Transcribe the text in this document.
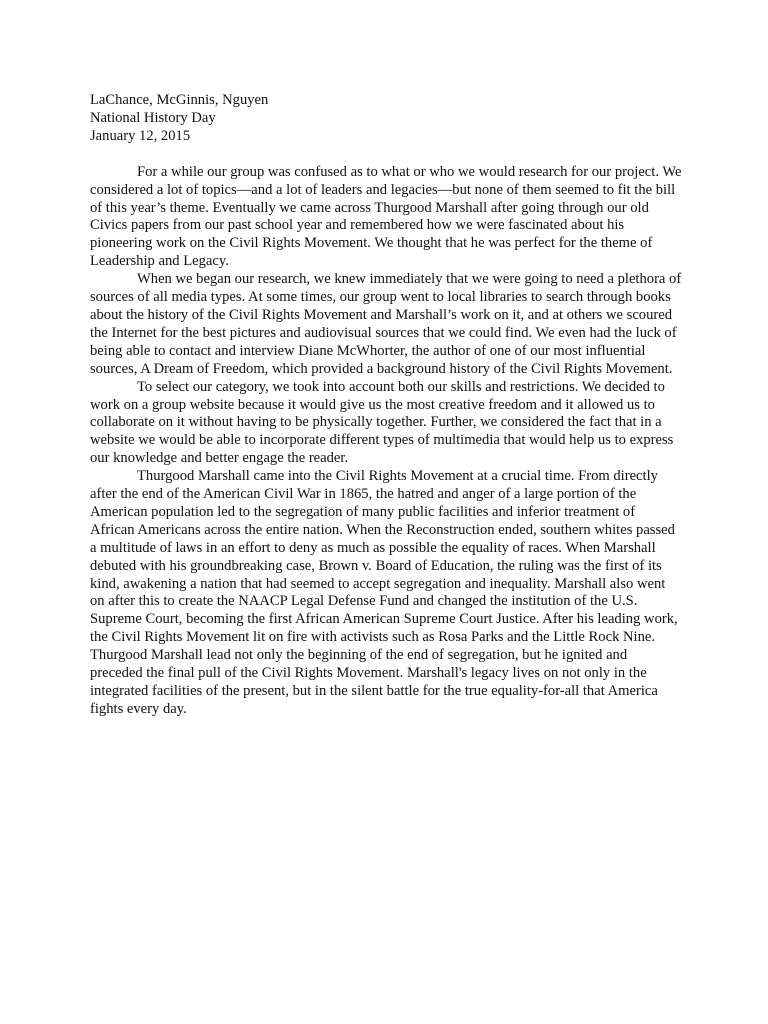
LaChance, McGinnis, Nguyen

National History Day

January 12, 2015

For a while our group was confused as to what or who we would research for our project. We considered a lot of topics—and a lot of leaders and legacies—but none of them seemed to fit the bill of this year’s theme. Eventually we came across Thurgood Marshall after going through our old Civics papers from our past school year and remembered how we were fascinated about his pioneering work on the Civil Rights Movement. We thought that he was perfect for the theme of Leadership and Legacy.

When we began our research, we knew immediately that we were going to need a plethora of sources of all media types. At some times, our group went to local libraries to search through books about the history of the Civil Rights Movement and Marshall’s work on it, and at others we scoured the Internet for the best pictures and audiovisual sources that we could find. We even had the luck of being able to contact and interview Diane McWhorter, the author of one of our most influential sources, A Dream of Freedom, which provided a background history of the Civil Rights Movement.

To select our category, we took into account both our skills and restrictions. We decided to work on a group website because it would give us the most creative freedom and it allowed us to collaborate on it without having to be physically together. Further, we considered the fact that in a website we would be able to incorporate different types of multimedia that would help us to express our knowledge and better engage the reader.

Thurgood Marshall came into the Civil Rights Movement at a crucial time. From directly after the end of the American Civil War in 1865, the hatred and anger of a large portion of the American population led to the segregation of many public facilities and inferior treatment of African Americans across the entire nation. When the Reconstruction ended, southern whites passed a multitude of laws in an effort to deny as much as possible the equality of races. When Marshall debuted with his groundbreaking case, Brown v. Board of Education, the ruling was the first of its kind, awakening a nation that had seemed to accept segregation and inequality. Marshall also went on after this to create the NAACP Legal Defense Fund and changed the institution of the U.S. Supreme Court, becoming the first African American Supreme Court Justice. After his leading work, the Civil Rights Movement lit on fire with activists such as Rosa Parks and the Little Rock Nine. Thurgood Marshall lead not only the beginning of the end of segregation, but he ignited and preceded the final pull of the Civil Rights Movement. Marshall's legacy lives on not only in the integrated facilities of the present, but in the silent battle for the true equality-for-all that America fights every day.
